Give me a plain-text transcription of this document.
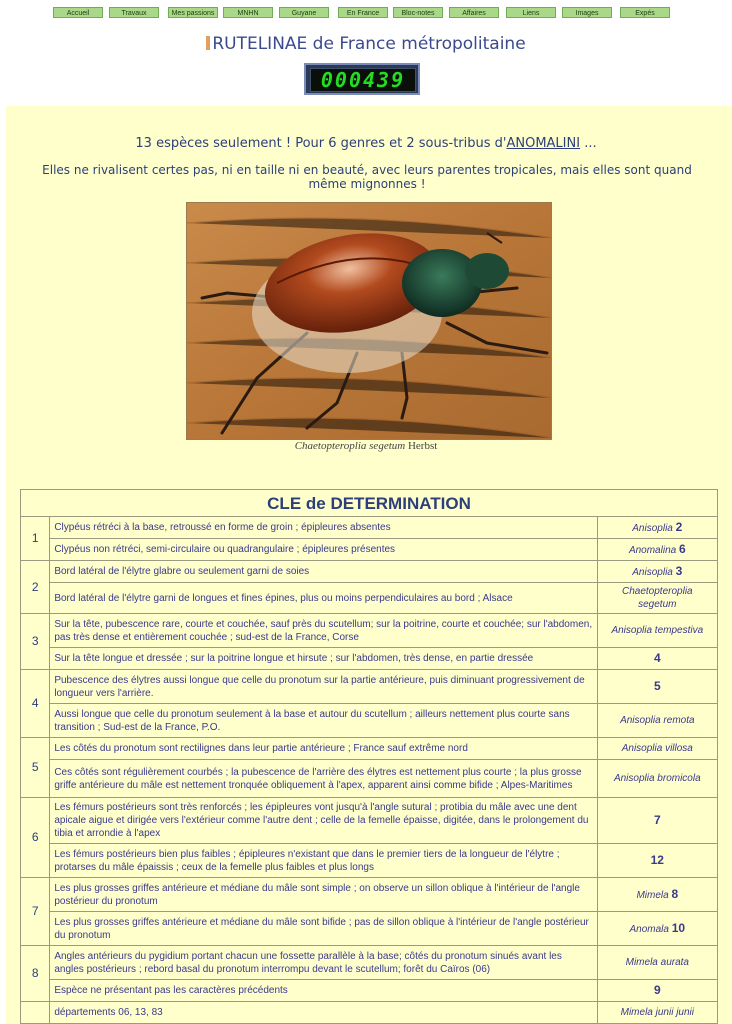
Accueil	Travaux	Mes passions	MNHN	Guyane	En France	Bloc-notes	Affaires	Liens	Images	Expés
RUTELINAE de France métropolitaine
000439
13 espèces seulement ! Pour 6 genres et 2 sous-tribus d'ANOMALINI ...
Elles ne rivalisent certes pas, ni en taille ni en beauté, avec leurs parentes tropicales, mais elles sont quand même mignonnes !
Chaetopteroplia segetum Herbst
CLE de DETERMINATION		
1	Clypéus rétréci à la base, retroussé en forme de groin ; épipleures absentes	Anisoplia 2
	Clypéus non rétréci, semi-circulaire ou quadrangulaire ; épipleures présentes	Anomalina 6
2	Bord latéral de l'élytre glabre ou seulement garni de soies	Anisoplia 3
	Bord latéral de l'élytre garni de longues et fines épines, plus ou moins perpendiculaires au bord ; Alsace	Chaetopteroplia segetum
3	Sur la tête, pubescence rare, courte et couchée, sauf près du scutellum; sur la poitrine, courte et couchée; sur l'abdomen, pas très dense et entièrement couchée ; sud-est de la France, Corse	Anisoplia tempestiva
	Sur la tête longue et dressée ; sur la poitrine longue et hirsute ; sur l'abdomen, très dense, en partie dressée	4
4	Pubescence des élytres aussi longue que celle du pronotum sur la partie antérieure, puis diminuant progressivement de longueur vers l'arrière.	5
	Aussi longue que celle du pronotum seulement à la base et autour du scutellum ; ailleurs nettement plus courte sans transition ; Sud-est de la France, P.O.	Anisoplia remota
5	Les côtés du pronotum sont rectilignes dans leur partie antérieure ; France sauf extrême nord	Anisoplia villosa
	Ces côtés sont régulièrement courbés ; la pubescence de l'arrière des élytres est nettement plus courte ; la plus grosse griffe antérieure du mâle est nettement tronquée obliquement à l'apex, apparent ainsi comme bifide ; Alpes-Maritimes	Anisoplia bromicola
6	Les fémurs postérieurs sont très renforcés ; les épipleures vont jusqu'à l'angle sutural ; protibia du mâle avec une dent apicale aigue et dirigée vers l'extérieur comme l'autre dent ; celle de la femelle épaisse, digitée, dans le prolongement du tibia et arrondie à l'apex	7
	Les fémurs postérieurs bien plus faibles ; épipleures n'existant que dans le premier tiers de la longueur de l'élytre ; protarses du mâle épaissis ; ceux de la femelle plus faibles et plus longs	12
7	Les plus grosses griffes antérieure et médiane du mâle sont simple ; on observe un sillon oblique à l'intérieur de l'angle postérieur du pronotum	Mimela 8
	Les plus grosses griffes antérieure et médiane du mâle sont bifide ; pas de sillon oblique à l'intérieur de l'angle postérieur du pronotum	Anomala 10
8	Angles antérieurs du pygidium portant chacun une fossette parallèle à la base; côtés du pronotum sinués avant les angles postérieurs ; rebord basal du pronotum interrompu devant le scutellum; forêt du Caïros (06)	Mimela aurata
	Espèce ne présentant pas les caractères précédents	9
	départements 06, 13, 83	Mimela junii junii
